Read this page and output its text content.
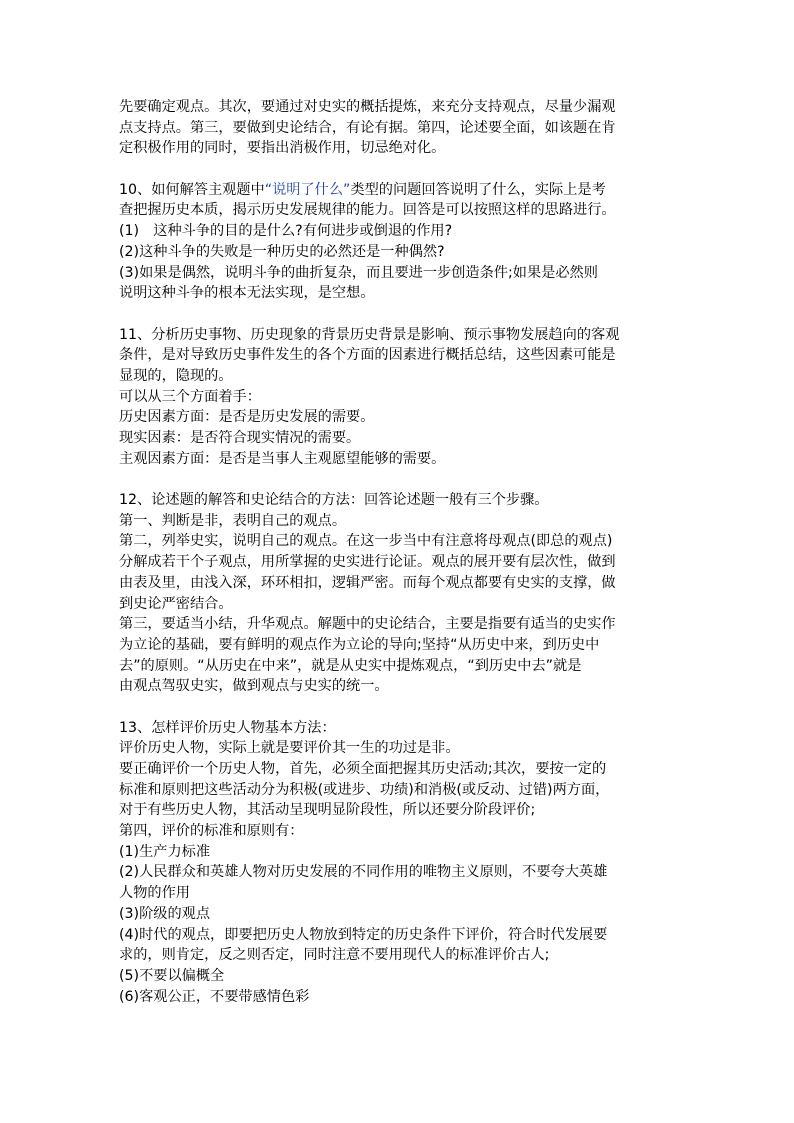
先要确定观点。其次，要通过对史实的概括提炼，来充分支持观点，尽量少漏观
点支持点。第三，要做到史论结合，有论有据。第四，论述要全面，如该题在肯
定积极作用的同时，要指出消极作用，切忌绝对化。
10、如何解答主观题中“说明了什么”类型的问题回答说明了什么，实际上是考
查把握历史本质，揭示历史发展规律的能力。回答是可以按照这样的思路进行。
(1)　这种斗争的目的是什么?有何进步或倒退的作用?
(2)这种斗争的失败是一种历史的必然还是一种偶然?
(3)如果是偶然，说明斗争的曲折复杂，而且要进一步创造条件;如果是必然则
说明这种斗争的根本无法实现，是空想。
11、分析历史事物、历史现象的背景历史背景是影响、预示事物发展趋向的客观
条件，是对导致历史事件发生的各个方面的因素进行概括总结，这些因素可能是
显现的，隐现的。
可以从三个方面着手：
历史因素方面：是否是历史发展的需要。
现实因素：是否符合现实情况的需要。
主观因素方面：是否是当事人主观愿望能够的需要。
12、论述题的解答和史论结合的方法：回答论述题一般有三个步骤。
第一、判断是非，表明自己的观点。
第二，列举史实，说明自己的观点。在这一步当中有注意将母观点(即总的观点)
分解成若干个子观点，用所掌握的史实进行论证。观点的展开要有层次性，做到
由表及里，由浅入深，环环相扣，逻辑严密。而每个观点都要有史实的支撑，做
到史论严密结合。
第三，要适当小结，升华观点。解题中的史论结合，主要是指要有适当的史实作
为立论的基础，要有鲜明的观点作为立论的导向;坚持“从历史中来，到历史中
去”的原则。“从历史在中来”，就是从史实中提炼观点，“到历史中去”就是
由观点驾驭史实，做到观点与史实的统一。
13、怎样评价历史人物基本方法：
评价历史人物，实际上就是要评价其一生的功过是非。
要正确评价一个历史人物，首先，必须全面把握其历史活动;其次，要按一定的
标准和原则把这些活动分为积极(或进步、功绩)和消极(或反动、过错)两方面，
对于有些历史人物，其活动呈现明显阶段性，所以还要分阶段评价;
第四，评价的标准和原则有：
(1)生产力标准
(2)人民群众和英雄人物对历史发展的不同作用的唯物主义原则，不要夸大英雄
人物的作用
(3)阶级的观点
(4)时代的观点，即要把历史人物放到特定的历史条件下评价，符合时代发展要
求的，则肯定，反之则否定，同时注意不要用现代人的标准评价古人;
(5)不要以偏概全
(6)客观公正，不要带感情色彩
